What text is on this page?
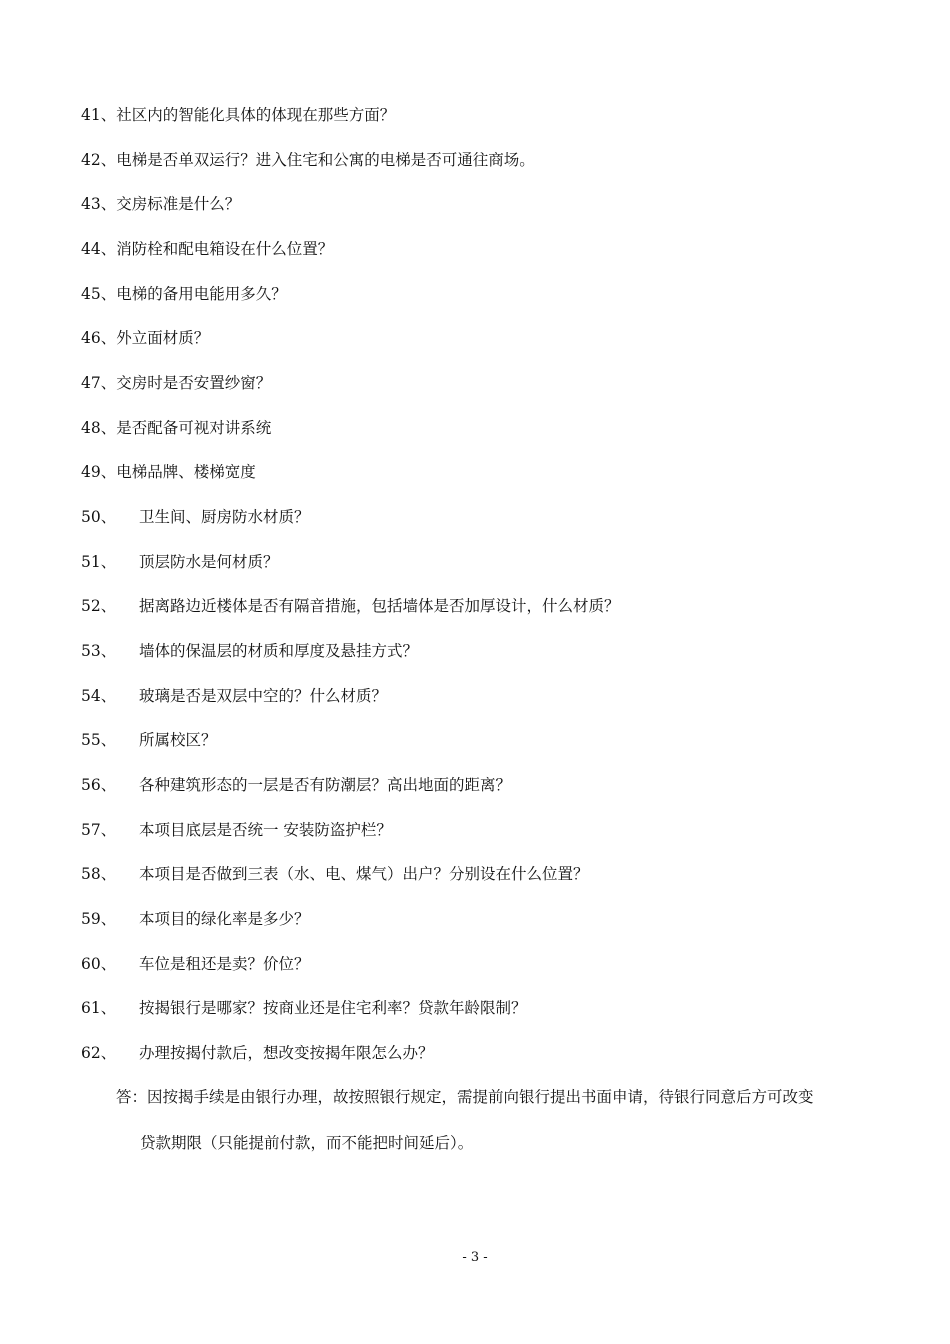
41、社区内的智能化具体的体现在那些方面？
42、电梯是否单双运行？进入住宅和公寓的电梯是否可通往商场。
43、交房标准是什么？
44、消防栓和配电箱设在什么位置？
45、电梯的备用电能用多久？
46、外立面材质？
47、交房时是否安置纱窗？
48、是否配备可视对讲系统
49、电梯品牌、楼梯宽度
50、 卫生间、厨房防水材质？
51、 顶层防水是何材质？
52、 据离路边近楼体是否有隔音措施，包括墙体是否加厚设计，什么材质？
53、 墙体的保温层的材质和厚度及悬挂方式？
54、 玻璃是否是双层中空的？什么材质？
55、 所属校区？
56、 各种建筑形态的一层是否有防潮层？高出地面的距离？
57、 本项目底层是否统一 安装防盗护栏？
58、 本项目是否做到三表（水、电、煤气）出户？分别设在什么位置？
59、 本项目的绿化率是多少？
60、 车位是租还是卖？价位？
61、 按揭银行是哪家？按商业还是住宅利率？贷款年龄限制？
62、 办理按揭付款后，想改变按揭年限怎么办？
答：因按揭手续是由银行办理，故按照银行规定，需提前向银行提出书面申请，待银行同意后方可改变
贷款期限（只能提前付款，而不能把时间延后）。
- 3 -
